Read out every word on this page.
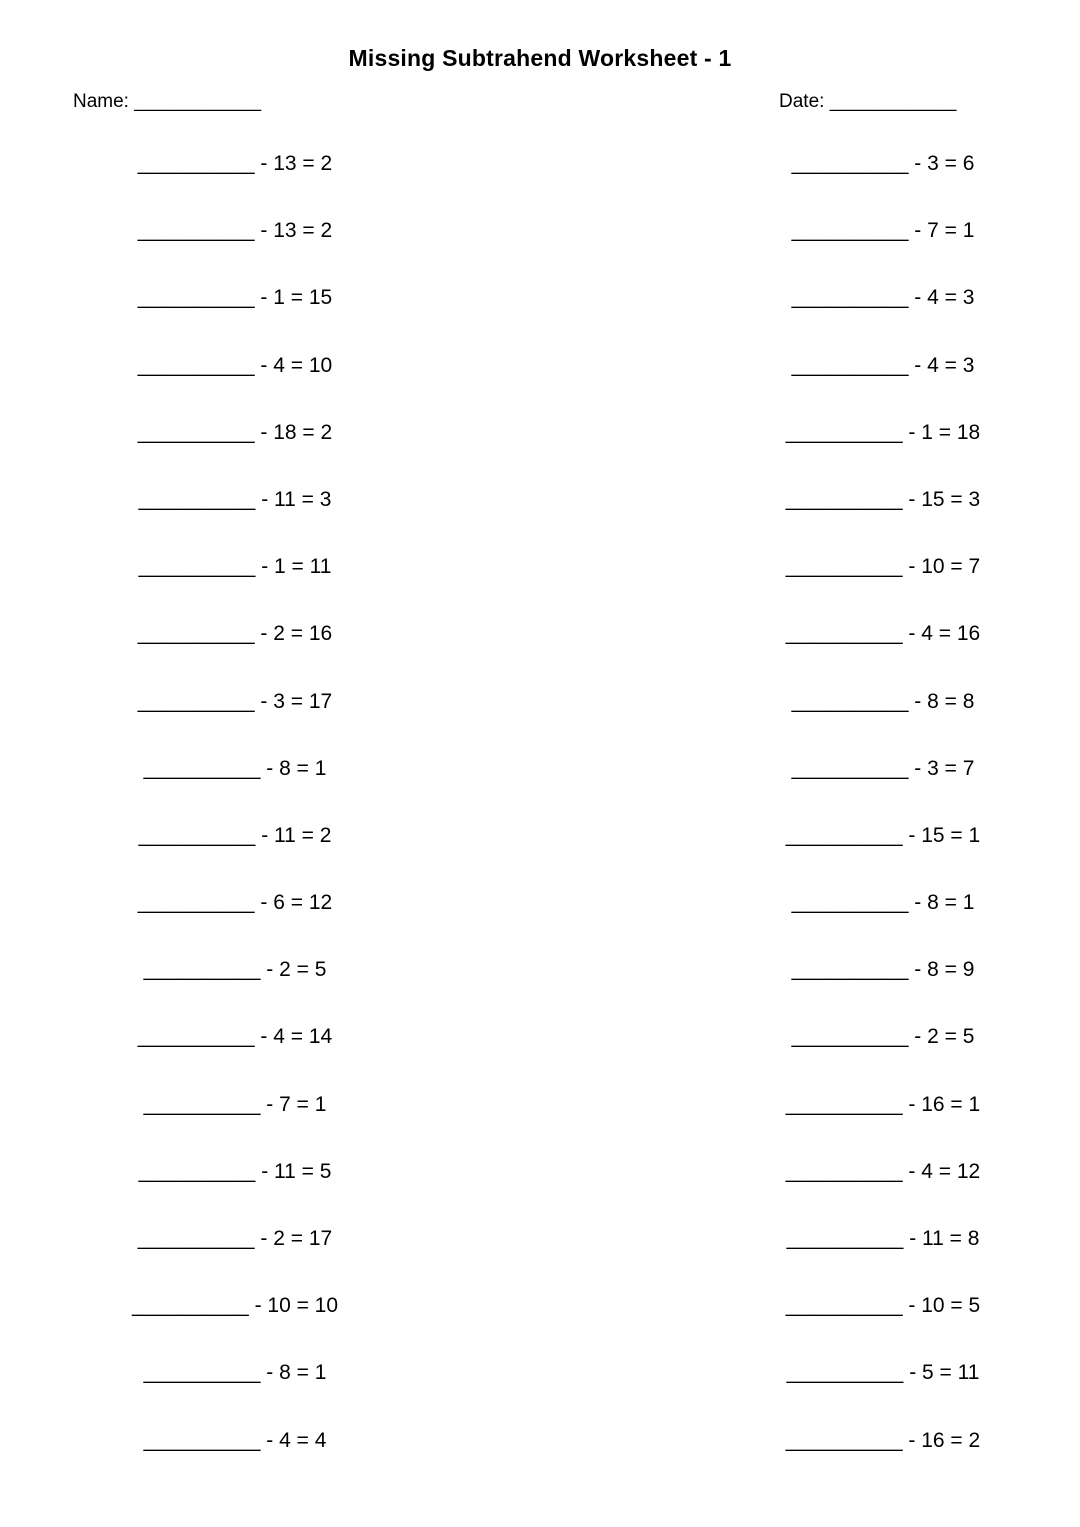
Missing Subtrahend Worksheet - 1
Name: ____________	Date: ____________
__________ - 13 = 2
__________ - 13 = 2
__________ - 1 = 15
__________ - 4 = 10
__________ - 18 = 2
__________ - 11 = 3
__________ - 1 = 11
__________ - 2 = 16
__________ - 3 = 17
__________ - 8 = 1
__________ - 11 = 2
__________ - 6 = 12
__________ - 2 = 5
__________ - 4 = 14
__________ - 7 = 1
__________ - 11 = 5
__________ - 2 = 17
__________ - 10 = 10
__________ - 8 = 1
__________ - 4 = 4
__________ - 3 = 6
__________ - 7 = 1
__________ - 4 = 3
__________ - 4 = 3
__________ - 1 = 18
__________ - 15 = 3
__________ - 10 = 7
__________ - 4 = 16
__________ - 8 = 8
__________ - 3 = 7
__________ - 15 = 1
__________ - 8 = 1
__________ - 8 = 9
__________ - 2 = 5
__________ - 16 = 1
__________ - 4 = 12
__________ - 11 = 8
__________ - 10 = 5
__________ - 5 = 11
__________ - 16 = 2
